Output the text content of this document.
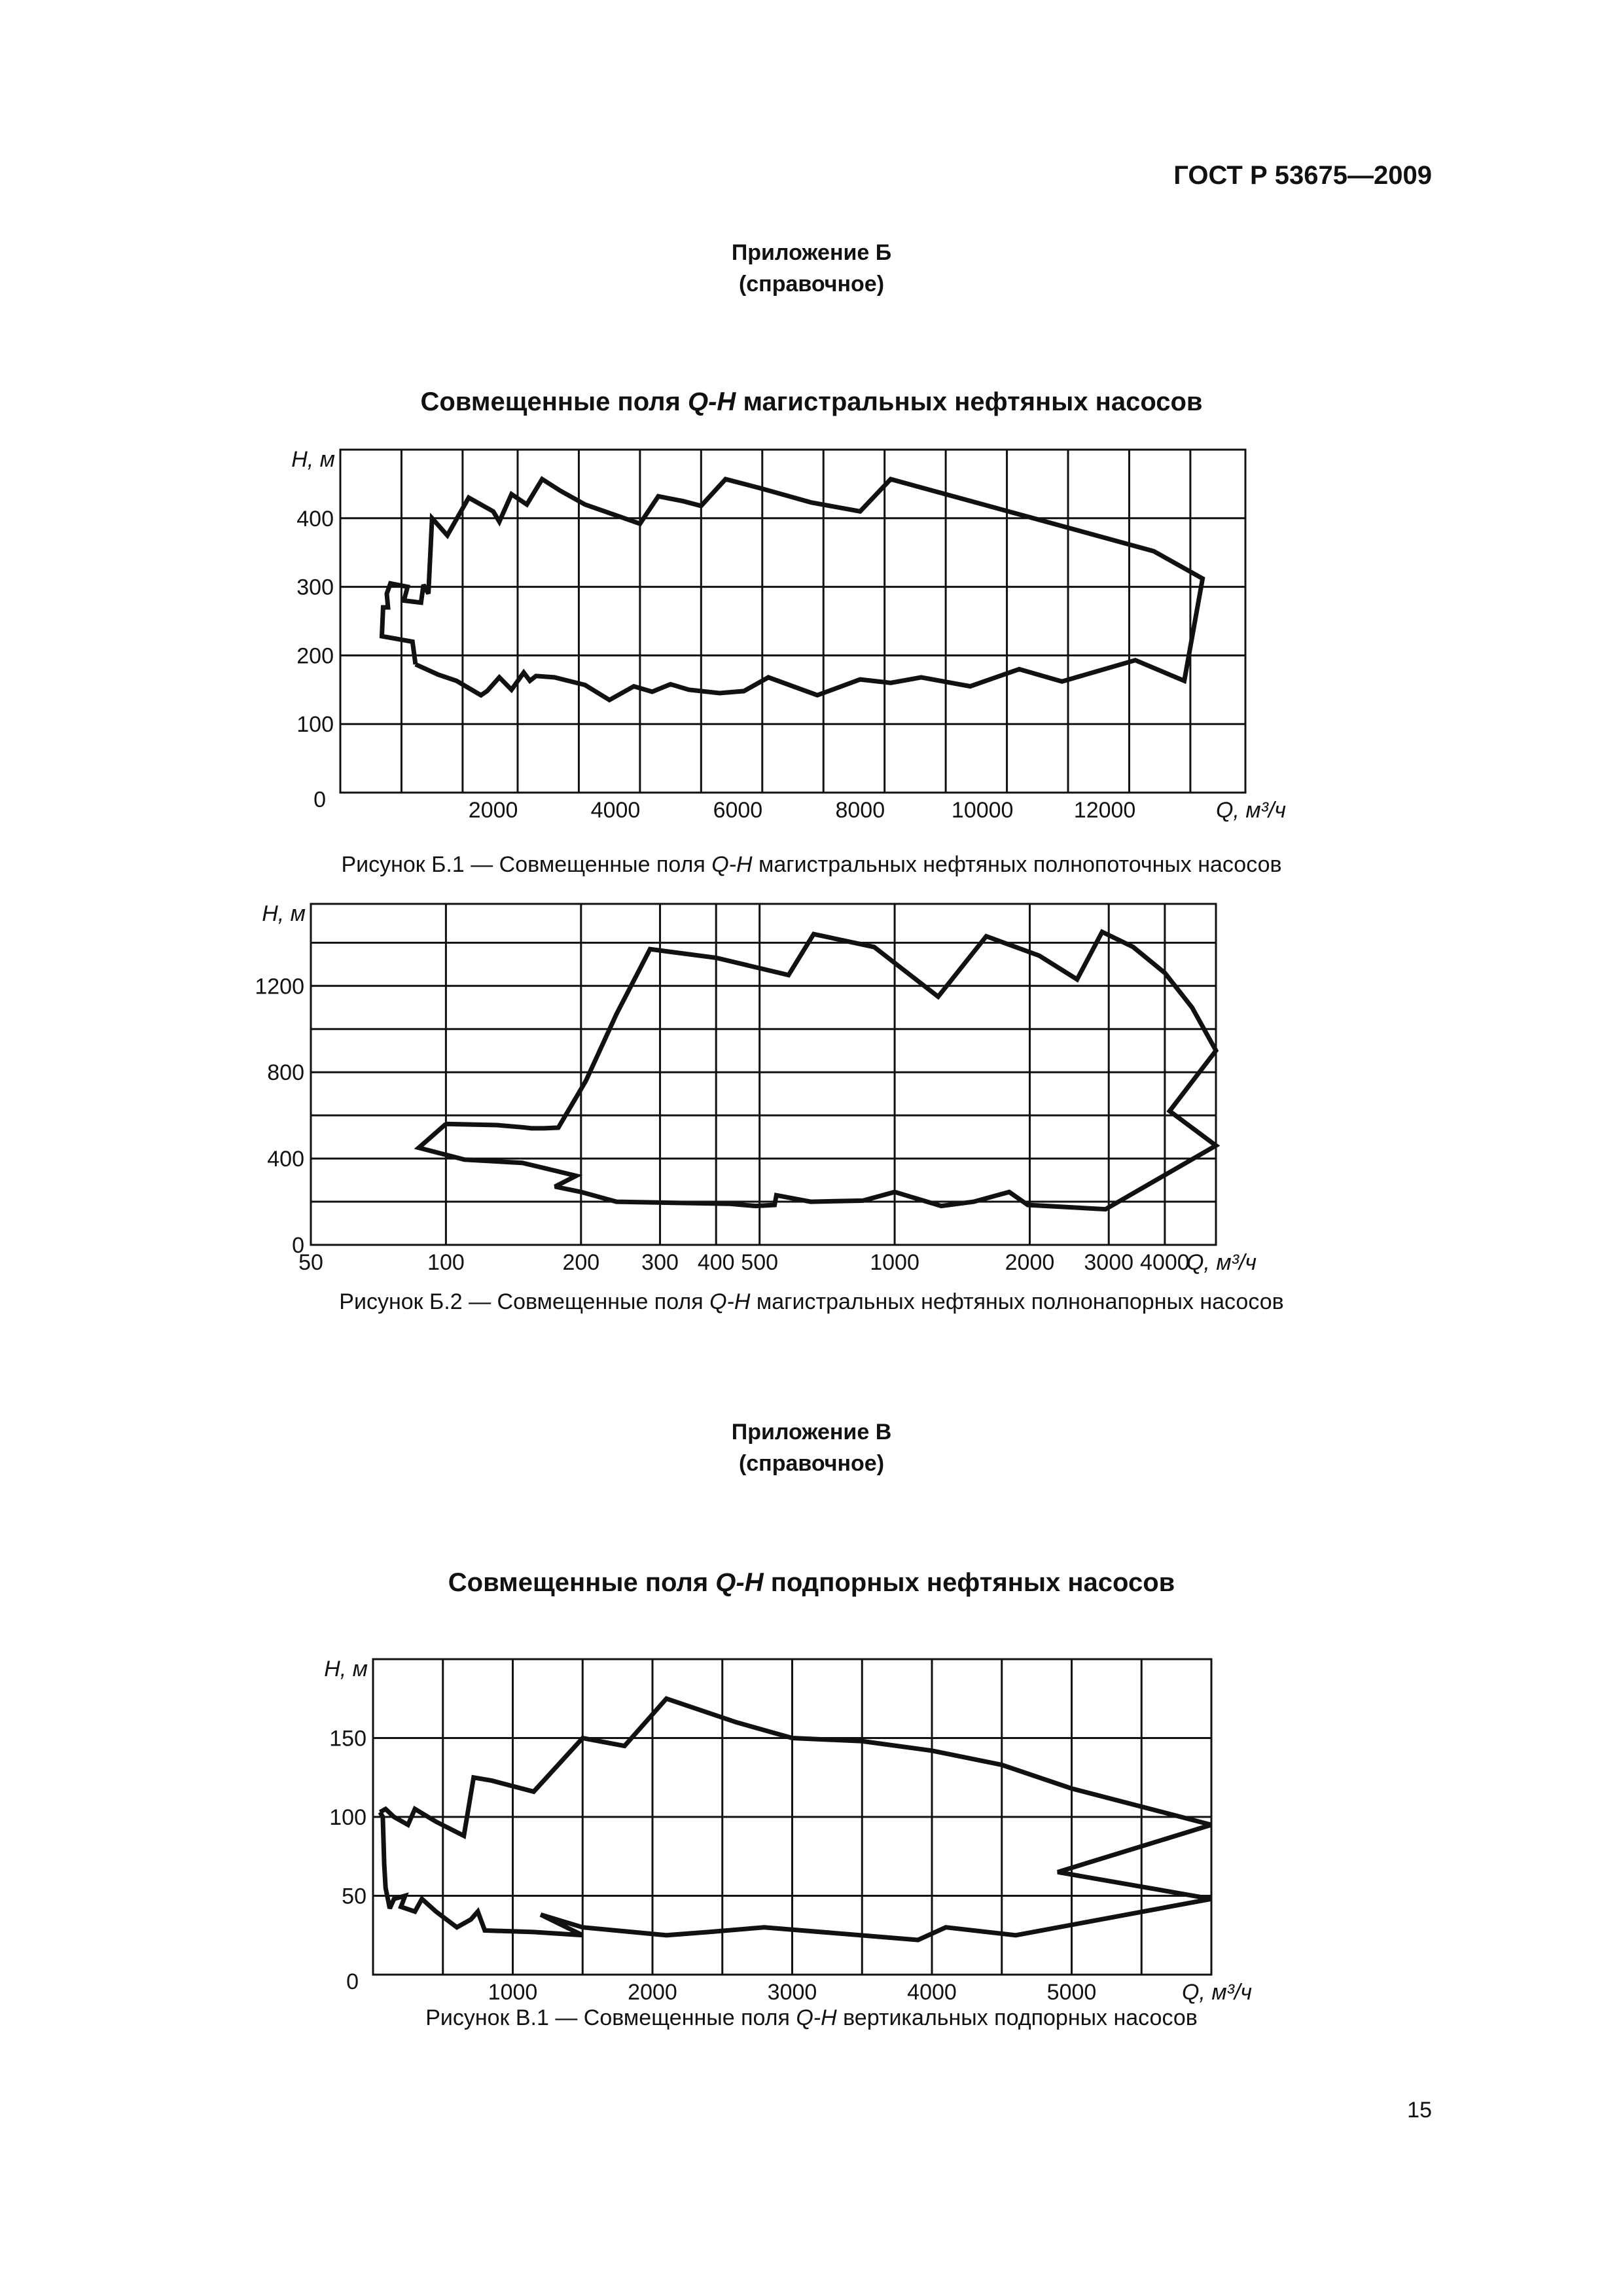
ГОСТ Р 53675—2009
Приложение Б
(справочное)
Совмещенные поля Q-H магистральных нефтяных насосов
Рисунок Б.1 — Совмещенные поля Q-H магистральных нефтяных полнопоточных насосов
Рисунок Б.2 — Совмещенные поля Q-H магистральных нефтяных полнонапорных насосов
Приложение В
(справочное)
Совмещенные поля Q-H подпорных нефтяных насосов
Рисунок В.1 — Совмещенные поля Q-H вертикальных подпорных насосов
15
2000	4000	6000	8000	10000	12000
100
200
300
400
0
H, м
Q, м³/ч
50	100	200 300 400 500	1000	2000 3000 4000
0
400
800
1200
H, м
Q, м³/ч
1000	2000	3000	4000	5000
50
100
150
0
H, м
Q, м³/ч
